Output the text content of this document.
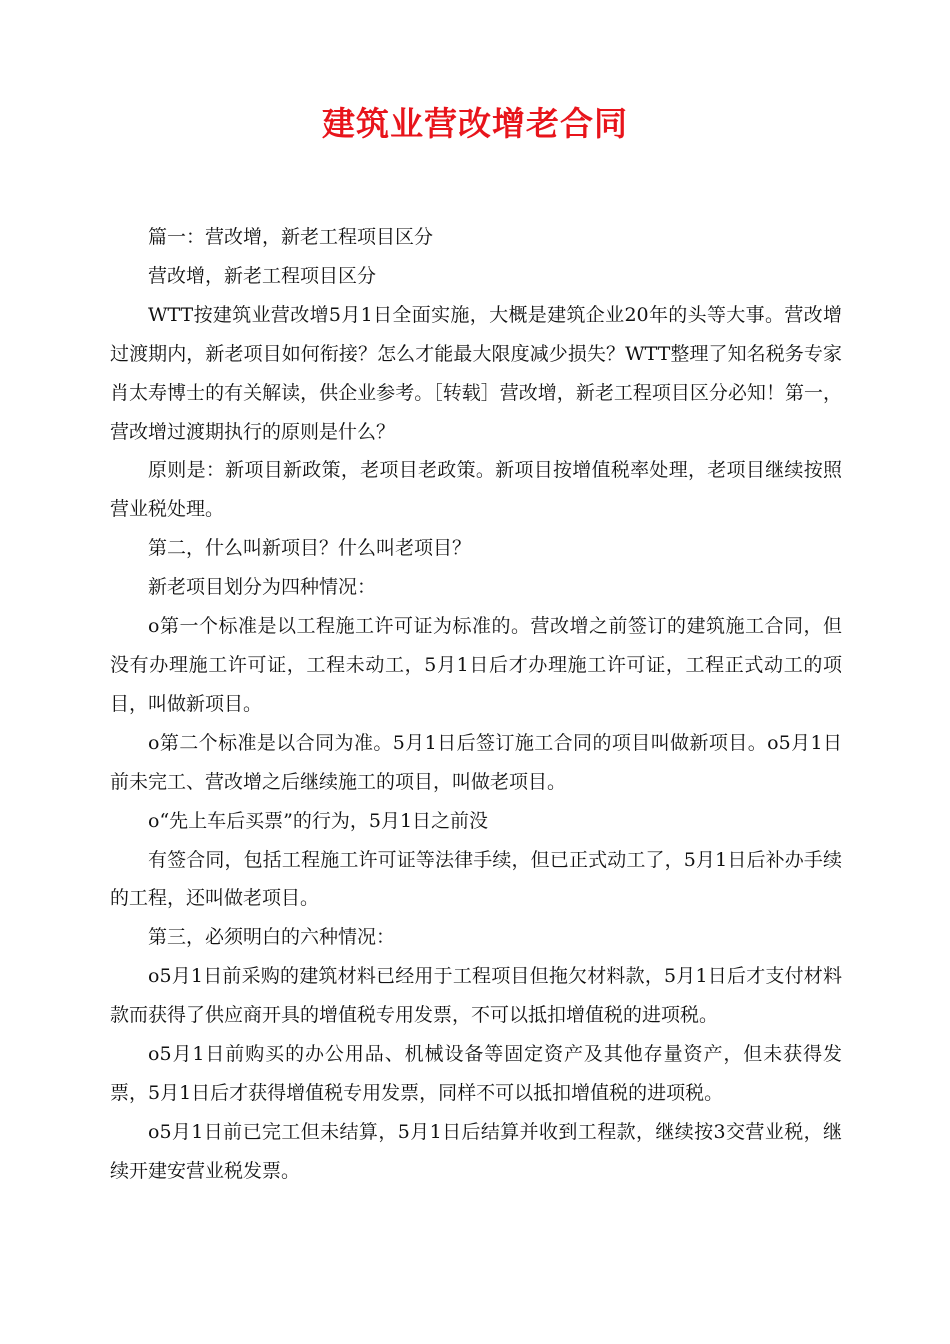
建筑业营改增老合同

篇一：营改增，新老工程项目区分

营改增，新老工程项目区分

WTT按建筑业营改增5月1日全面实施，大概是建筑企业20年的头等大事。营改增过渡期内，新老项目如何衔接？怎么才能最大限度减少损失？WTT整理了知名税务专家肖太寿博士的有关解读，供企业参考。［转载］营改增，新老工程项目区分必知！第一，营改增过渡期执行的原则是什么？

原则是：新项目新政策，老项目老政策。新项目按增值税率处理，老项目继续按照营业税处理。

第二，什么叫新项目？什么叫老项目？

新老项目划分为四种情况：

o第一个标准是以工程施工许可证为标准的。营改增之前签订的建筑施工合同，但没有办理施工许可证，工程未动工，5月1日后才办理施工许可证，工程正式动工的项目，叫做新项目。

o第二个标准是以合同为准。5月1日后签订施工合同的项目叫做新项目。o5月1日前未完工、营改增之后继续施工的项目，叫做老项目。

o“先上车后买票”的行为，5月1日之前没

有签合同，包括工程施工许可证等法律手续，但已正式动工了，5月1日后补办手续的工程，还叫做老项目。

第三，必须明白的六种情况：

o5月1日前采购的建筑材料已经用于工程项目但拖欠材料款，5月1日后才支付材料款而获得了供应商开具的增值税专用发票，不可以抵扣增值税的进项税。

o5月1日前购买的办公用品、机械设备等固定资产及其他存量资产，但未获得发票，5月1日后才获得增值税专用发票，同样不可以抵扣增值税的进项税。

o5月1日前已完工但未结算，5月1日后结算并收到工程款，继续按3交营业税，继续开建安营业税发票。
